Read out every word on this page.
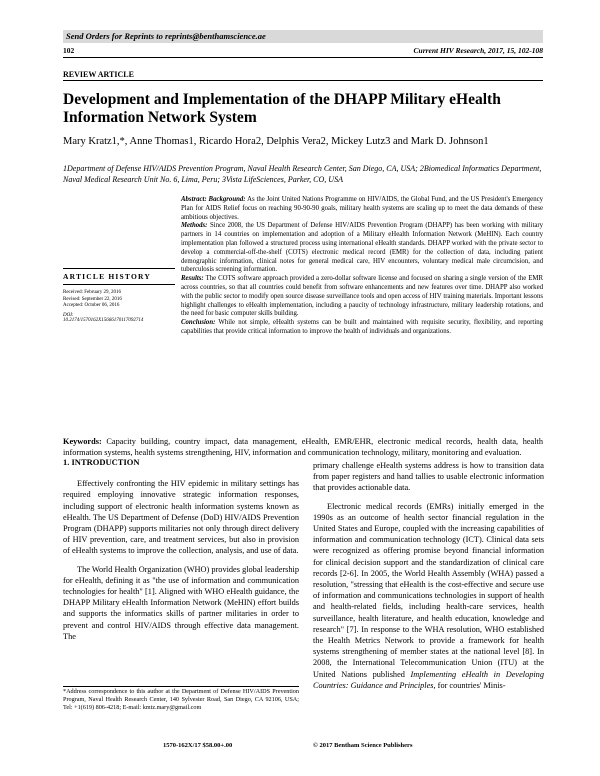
Send Orders for Reprints to reprints@benthamscience.ae
102	Current HIV Research, 2017, 15, 102-108
REVIEW ARTICLE
Development and Implementation of the DHAPP Military eHealth
Information Network System
Mary Kratz1,*, Anne Thomas1, Ricardo Hora2, Delphis Vera2, Mickey Lutz3 and Mark D. Johnson1
1Department of Defense HIV/AIDS Prevention Program, Naval Health Research Center, San Diego, CA, USA; 2Biomedical Informatics Department, Naval Medical Research Unit No. 6, Lima, Peru; 3Vista LifeSciences, Parker, CO, USA
ARTICLE HISTORY
Received: February 29, 2016
Revised: September 22, 2016
Accepted: October 06, 2016
DOI:
10.2174/1570162X15666170117092714

Abstract: Background: As the Joint United Nations Programme on HIV/AIDS, the Global Fund, and the US President's Emergency Plan for AIDS Relief focus on reaching 90-90-90 goals, military health systems are scaling up to meet the data demands of these ambitious objectives.

Methods: Since 2008, the US Department of Defense HIV/AIDS Prevention Program (DHAPP) has been working with military partners in 14 countries on implementation and adoption of a Military eHealth Information Network (MeHIN). Each country implementation plan followed a structured process using international eHealth standards. DHAPP worked with the private sector to develop a commercial-off-the-shelf (COTS) electronic medical record (EMR) for the collection of data, including patient demographic information, clinical notes for general medical care, HIV encounters, voluntary medical male circumcision, and tuberculosis screening information.

Results: The COTS software approach provided a zero-dollar software license and focused on sharing a single version of the EMR across countries, so that all countries could benefit from software enhancements and new features over time. DHAPP also worked with the public sector to modify open source disease surveillance tools and open access of HIV training materials. Important lessons highlight challenges to eHealth implementation, including a paucity of technology infrastructure, military leadership rotations, and the need for basic computer skills building.

Conclusion: While not simple, eHealth systems can be built and maintained with requisite security, flexibility, and reporting capabilities that provide critical information to improve the health of individuals and organizations.

Keywords: Capacity building, country impact, data management, eHealth, EMR/EHR, electronic medical records, health data, health information systems, health systems strengthening, HIV, information and communication technology, military, monitoring and evaluation.
1. INTRODUCTION

Effectively confronting the HIV epidemic in military settings has required employing innovative strategic information responses, including support of electronic health information systems known as eHealth. The US Department of Defense (DoD) HIV/AIDS Prevention Program (DHAPP) supports militaries not only through direct delivery of HIV prevention, care, and treatment services, but also in provision of eHealth systems to improve the collection, analysis, and use of data.

The World Health Organization (WHO) provides global leadership for eHealth, defining it as "the use of information and communication technologies for health" [1]. Aligned with WHO eHealth guidance, the DHAPP Military eHealth Information Network (MeHIN) effort builds and supports the informatics skills of partner militaries in order to prevent and control HIV/AIDS through effective data management. The

primary challenge eHealth systems address is how to transition data from paper registers and hand tallies to usable electronic information that provides actionable data.

Electronic medical records (EMRs) initially emerged in the 1990s as an outcome of health sector financial regulation in the United States and Europe, coupled with the increasing capabilities of information and communication technology (ICT). Clinical data sets were recognized as offering promise beyond financial information for clinical decision support and the standardization of clinical care records [2-6]. In 2005, the World Health Assembly (WHA) passed a resolution, "stressing that eHealth is the cost-effective and secure use of information and communications technologies in support of health and health-related fields, including health-care services, health surveillance, health literature, and health education, knowledge and research" [7]. In response to the WHA resolution, WHO established the Health Metrics Network to provide a framework for health systems strengthening of member states at the national level [8]. In 2008, the International Telecommunication Union (ITU) at the United Nations published Implementing eHealth in Developing Countries: Guidance and Principles, for countries' Minis-

*Address correspondence to this author at the Department of Defense HIV/AIDS Prevention Program, Naval Health Research Center, 140 Sylvester Road, San Diego, CA 92106, USA; Tel: +1(619) 806-4218; E-mail: kmtz.mary@gmail.com
1570-162X/17 $58.00+.00	© 2017 Bentham Science Publishers
